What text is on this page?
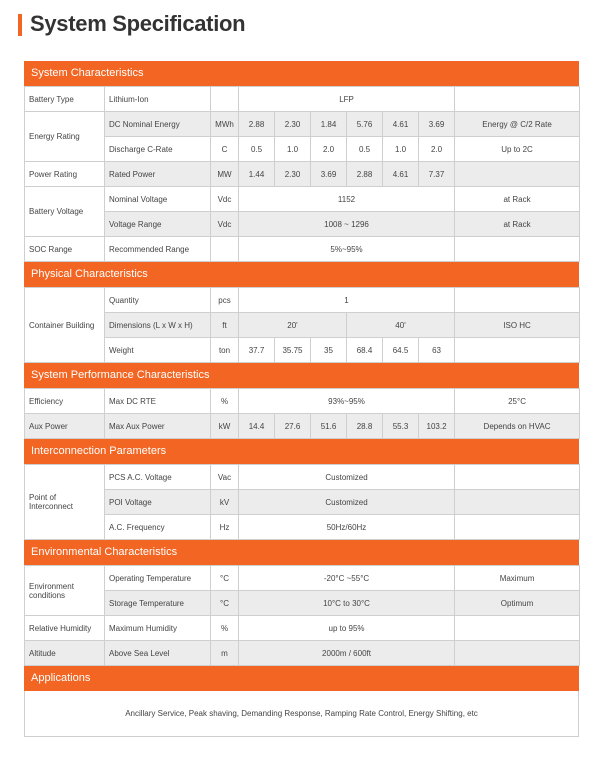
System Specification
System Characteristics
Battery Type	Lithium-Ion		LFP						
Energy Rating	DC Nominal Energy	MWh	2.88	2.30	1.84	5.76	4.61	3.69	Energy @ C/2 Rate
	Discharge C-Rate	C	0.5	1.0	2.0	0.5	1.0	2.0	Up to 2C
Power Rating	Rated Power	MW	1.44	2.30	3.69	2.88	4.61	7.37	
Battery Voltage	Nominal Voltage	Vdc	1152						at Rack
	Voltage Range	Vdc	1008 ~ 1296						at Rack
SOC Range	Recommended Range		5%~95%						
Physical Characteristics
Container Building	Quantity	pcs	1						
	Dimensions (L x W x H)	ft	20'			40'			ISO HC
	Weight	ton	37.7	35.75	35	68.4	64.5	63	
System Performance Characteristics
Efficiency	Max DC RTE	%	93%~95%						25°C
Aux Power	Max Aux Power	kW	14.4	27.6	51.6	28.8	55.3	103.2	Depends on HVAC
Interconnection Parameters
Point of Interconnect	PCS A.C. Voltage	Vac	Customized	
	POI Voltage	kV	Customized	
	A.C. Frequency	Hz	50Hz/60Hz	
Environmental Characteristics
Environment conditions	Operating Temperature	°C	-20°C ~55°C	Maximum
	Storage Temperature	°C	10°C to 30°C	Optimum
Relative Humidity	Maximum Humidity	%	up to 95%	
Altitude	Above Sea Level	m	2000m / 600ft	
Applications
Ancillary Service, Peak shaving, Demanding Response, Ramping Rate Control, Energy Shifting, etc
